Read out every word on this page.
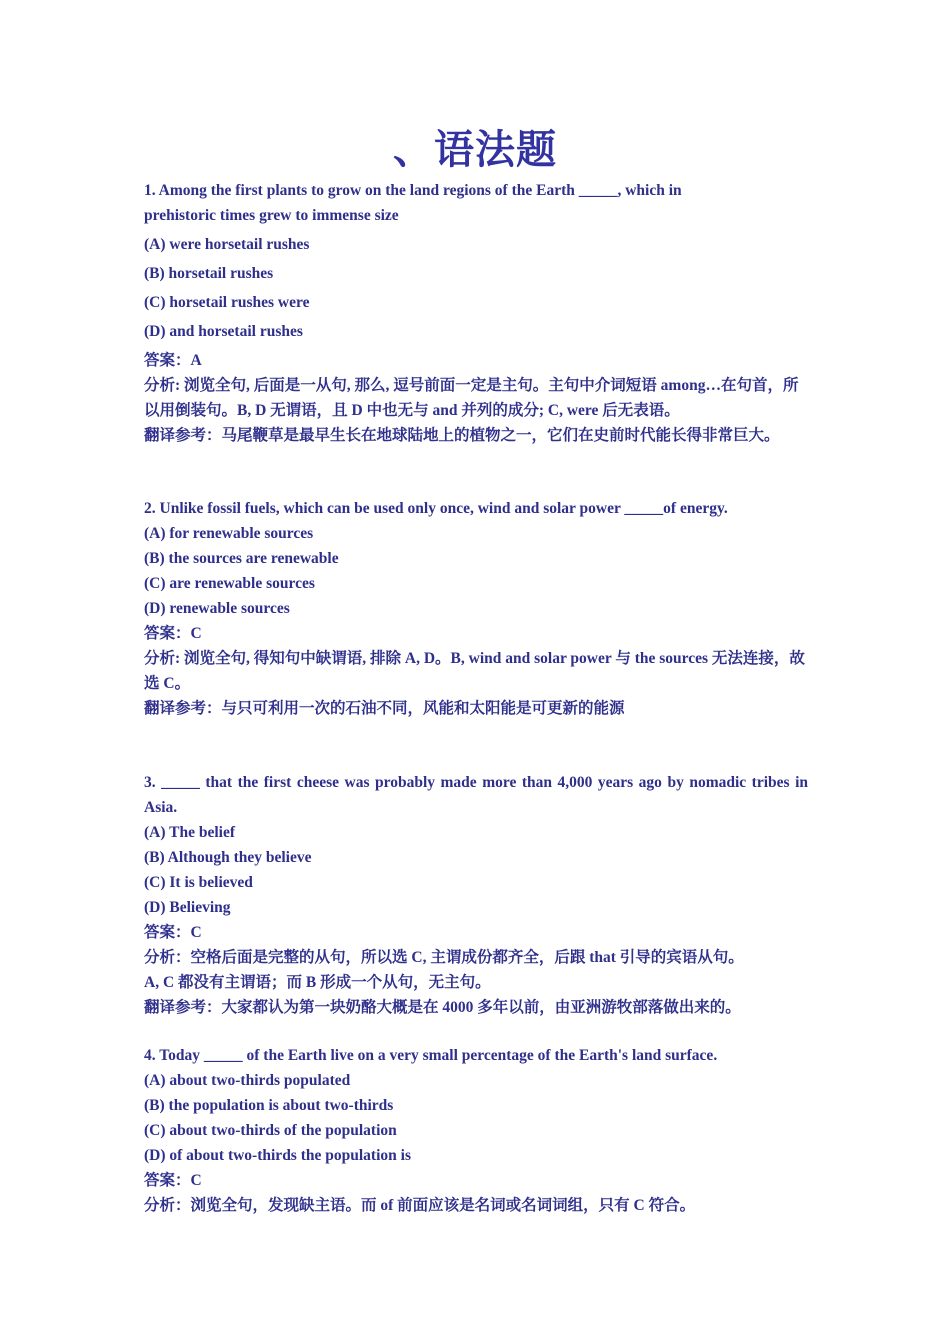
、语法题
1. Among the first plants to grow on the land regions of the Earth _____, which in prehistoric times grew to immense size
(A) were horsetail rushes
(B) horsetail rushes
(C) horsetail rushes were
(D) and horsetail rushes
答案：A
分析: 浏览全句, 后面是一从句, 那么, 逗号前面一定是主句。主句中介词短语 among…在句首，所以用倒装句。B, D 无谓语，且 D 中也无与 and 并列的成分; C, were 后无表语。
翻译参考：马尾鞭草是最早生长在地球陆地上的植物之一，它们在史前时代能长得非常巨大。
2. Unlike fossil fuels, which can be used only once, wind and solar power _____of energy.
(A) for renewable sources
(B) the sources are renewable
(C) are renewable sources
(D) renewable sources
答案：C
分析: 浏览全句, 得知句中缺谓语, 排除 A, D。B, wind and solar power 与 the sources 无法连接，故选 C。
翻译参考：与只可利用一次的石油不同，风能和太阳能是可更新的能源
3. _____ that the first cheese was probably made more than 4,000 years ago by nomadic tribes in Asia.
(A) The belief
(B) Although they believe
(C) It is believed
(D) Believing
答案：C
分析：空格后面是完整的从句，所以选 C, 主谓成份都齐全，后跟 that 引导的宾语从句。
A, C 都没有主谓语；而 B 形成一个从句，无主句。
翻译参考：大家都认为第一块奶酪大概是在 4000 多年以前，由亚洲游牧部落做出来的。
4. Today _____ of the Earth live on a very small percentage of the Earth's land surface.
(A) about two-thirds populated
(B) the population is about two-thirds
(C) about two-thirds of the population
(D) of about two-thirds the population is
答案：C
分析：浏览全句，发现缺主语。而 of 前面应该是名词或名词词组，只有 C 符合。
